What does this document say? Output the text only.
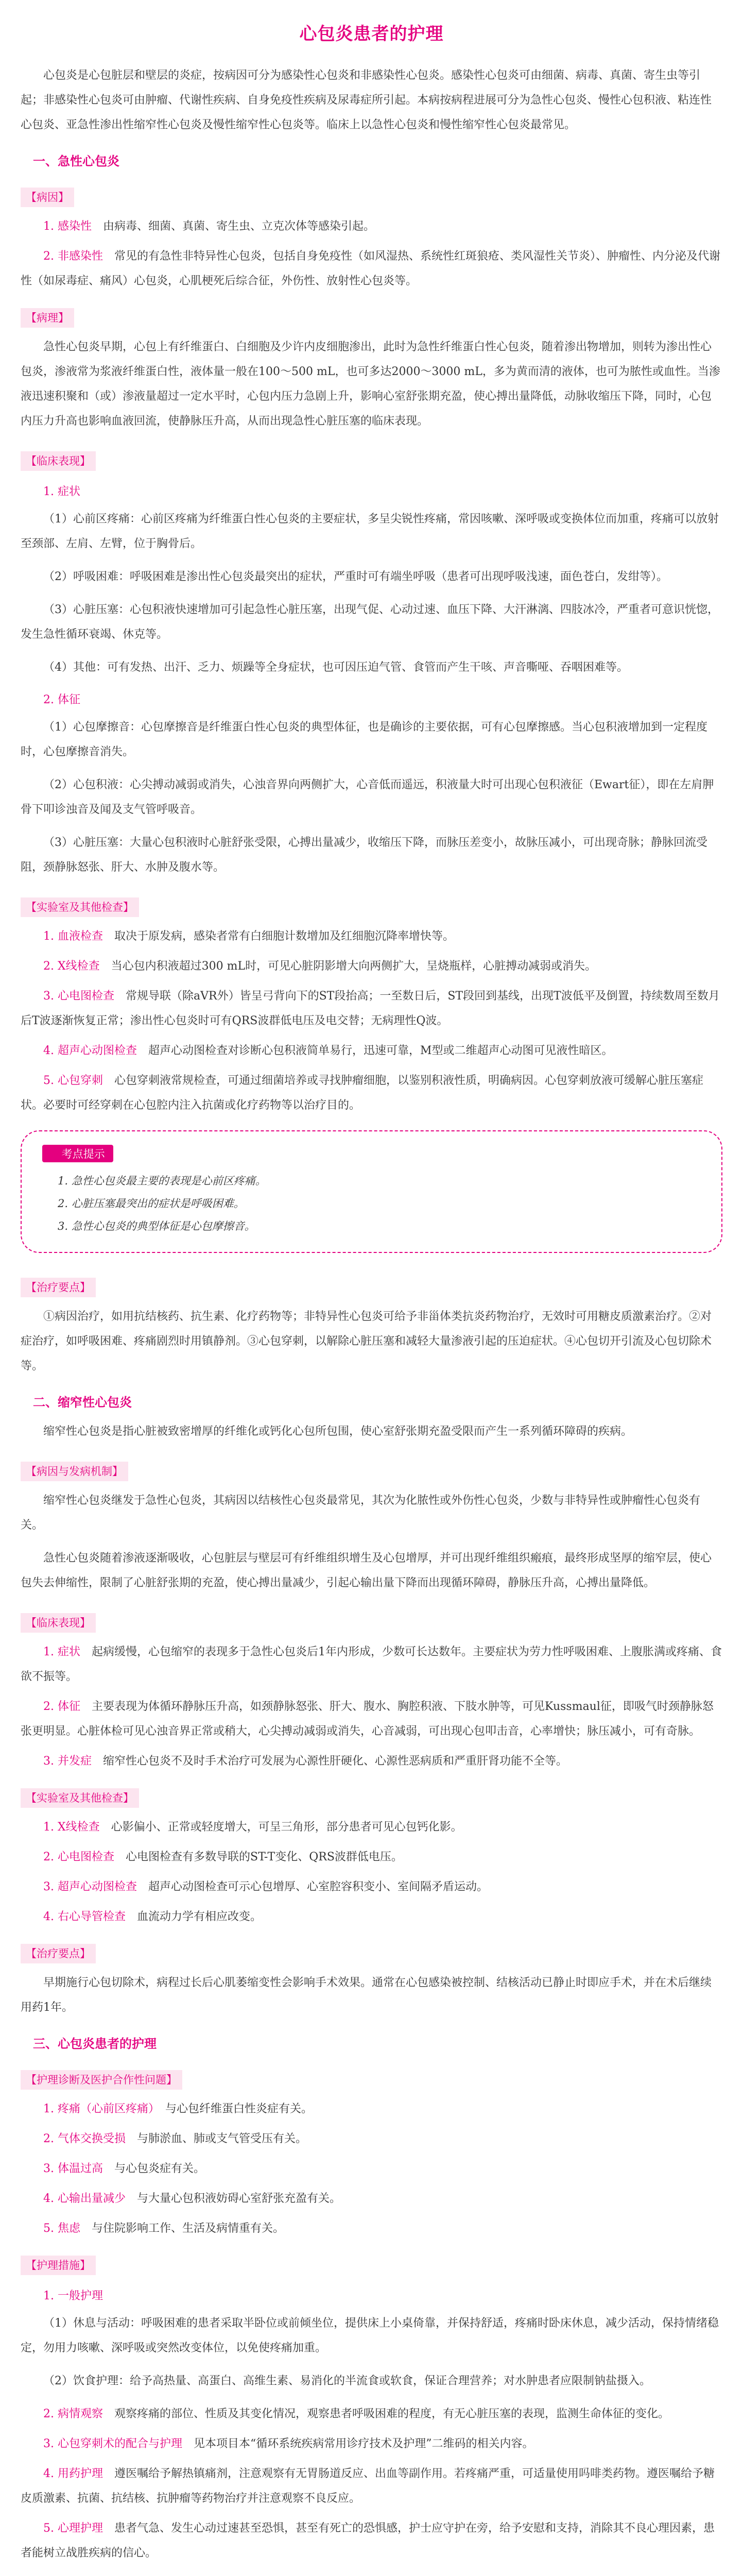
心包炎患者的护理

心包炎是心包脏层和壁层的炎症，按病因可分为感染性心包炎和非感染性心包炎。感染性心包炎可由细菌、病毒、真菌、寄生虫等引起；非感染性心包炎可由肿瘤、代谢性疾病、自身免疫性疾病及尿毒症所引起。本病按病程进展可分为急性心包炎、慢性心包积液、粘连性心包炎、亚急性渗出性缩窄性心包炎及慢性缩窄性心包炎等。临床上以急性心包炎和慢性缩窄性心包炎最常见。

一、急性心包炎
【病因】
1. 感染性　 由病毒、细菌、真菌、寄生虫、立克次体等感染引起。
2. 非感染性　 常见的有急性非特异性心包炎，包括自身免疫性（如风湿热、系统性红斑狼疮、类风湿性关节炎）、肿瘤性、内分泌及代谢性（如尿毒症、痛风）心包炎，心肌梗死后综合征，外伤性、放射性心包炎等。
【病理】

急性心包炎早期，心包上有纤维蛋白、白细胞及少许内皮细胞渗出，此时为急性纤维蛋白性心包炎，随着渗出物增加，则转为渗出性心包炎，渗液常为浆液纤维蛋白性，液体量一般在100～500 mL，也可多达2000～3000 mL，多为黄而清的液体，也可为脓性或血性。当渗液迅速积聚和（或）渗液量超过一定水平时，心包内压力急剧上升，影响心室舒张期充盈，使心搏出量降低，动脉收缩压下降，同时，心包内压力升高也影响血液回流，使静脉压升高，从而出现急性心脏压塞的临床表现。

【临床表现】
1. 症状

（1）心前区疼痛：心前区疼痛为纤维蛋白性心包炎的主要症状，多呈尖锐性疼痛，常因咳嗽、深呼吸或变换体位而加重，疼痛可以放射至颈部、左肩、左臂，位于胸骨后。

（2）呼吸困难：呼吸困难是渗出性心包炎最突出的症状，严重时可有端坐呼吸（患者可出现呼吸浅速，面色苍白，发绀等）。

（3）心脏压塞：心包积液快速增加可引起急性心脏压塞，出现气促、心动过速、血压下降、大汗淋漓、四肢冰冷，严重者可意识恍惚，发生急性循环衰竭、休克等。

（4）其他：可有发热、出汗、乏力、烦躁等全身症状，也可因压迫气管、食管而产生干咳、声音嘶哑、吞咽困难等。

2. 体征

（1）心包摩擦音：心包摩擦音是纤维蛋白性心包炎的典型体征，也是确诊的主要依据，可有心包摩擦感。当心包积液增加到一定程度时，心包摩擦音消失。

（2）心包积液：心尖搏动减弱或消失，心浊音界向两侧扩大，心音低而遥远，积液量大时可出现心包积液征（Ewart征），即在左肩胛骨下叩诊浊音及闻及支气管呼吸音。

（3）心脏压塞：大量心包积液时心脏舒张受限，心搏出量减少，收缩压下降，而脉压差变小，故脉压减小，可出现奇脉；静脉回流受阻，颈静脉怒张、肝大、水肿及腹水等。

【实验室及其他检查】
1. 血液检查　 取决于原发病，感染者常有白细胞计数增加及红细胞沉降率增快等。
2. X线检查　 当心包内积液超过300 mL时，可见心脏阴影增大向两侧扩大，呈烧瓶样，心脏搏动减弱或消失。
3. 心电图检查　 常规导联（除aVR外）皆呈弓背向下的ST段抬高；一至数日后，ST段回到基线，出现T波低平及倒置，持续数周至数月后T波逐渐恢复正常；渗出性心包炎时可有QRS波群低电压及电交替；无病理性Q波。
4. 超声心动图检查　 超声心动图检查对诊断心包积液简单易行，迅速可靠，M型或二维超声心动图可见液性暗区。
5. 心包穿刺　 心包穿刺液常规检查，可通过细菌培养或寻找肿瘤细胞，以鉴别积液性质，明确病因。心包穿刺放液可缓解心脏压塞症状。必要时可经穿刺在心包腔内注入抗菌或化疗药物等以治疗目的。
✎ 考点提示
1. 急性心包炎最主要的表现是心前区疼痛。
2. 心脏压塞最突出的症状是呼吸困难。
3. 急性心包炎的典型体征是心包摩擦音。
【治疗要点】

①病因治疗，如用抗结核药、抗生素、化疗药物等；非特异性心包炎可给予非甾体类抗炎药物治疗，无效时可用糖皮质激素治疗。②对症治疗，如呼吸困难、疼痛剧烈时用镇静剂。③心包穿刺，以解除心脏压塞和减轻大量渗液引起的压迫症状。④心包切开引流及心包切除术等。

二、缩窄性心包炎

缩窄性心包炎是指心脏被致密增厚的纤维化或钙化心包所包围，使心室舒张期充盈受限而产生一系列循环障碍的疾病。

【病因与发病机制】

缩窄性心包炎继发于急性心包炎，其病因以结核性心包炎最常见，其次为化脓性或外伤性心包炎，少数与非特异性或肿瘤性心包炎有关。

急性心包炎随着渗液逐渐吸收，心包脏层与壁层可有纤维组织增生及心包增厚，并可出现纤维组织瘢痕，最终形成坚厚的缩窄层，使心包失去伸缩性，限制了心脏舒张期的充盈，使心搏出量减少，引起心输出量下降而出现循环障碍，静脉压升高，心搏出量降低。

【临床表现】
1. 症状　 起病缓慢，心包缩窄的表现多于急性心包炎后1年内形成，少数可长达数年。主要症状为劳力性呼吸困难、上腹胀满或疼痛、食欲不振等。
2. 体征　 主要表现为体循环静脉压升高，如颈静脉怒张、肝大、腹水、胸腔积液、下肢水肿等，可见Kussmaul征，即吸气时颈静脉怒张更明显。心脏体检可见心浊音界正常或稍大，心尖搏动减弱或消失，心音减弱，可出现心包叩击音，心率增快；脉压减小，可有奇脉。
3. 并发症　 缩窄性心包炎不及时手术治疗可发展为心源性肝硬化、心源性恶病质和严重肝肾功能不全等。
【实验室及其他检查】
1. X线检查　 心影偏小、正常或轻度增大，可呈三角形，部分患者可见心包钙化影。
2. 心电图检查　 心电图检查有多数导联的ST-T变化、QRS波群低电压。
3. 超声心动图检查　 超声心动图检查可示心包增厚、心室腔容积变小、室间隔矛盾运动。
4. 右心导管检查　 血流动力学有相应改变。
【治疗要点】

早期施行心包切除术，病程过长后心肌萎缩变性会影响手术效果。通常在心包感染被控制、结核活动已静止时即应手术，并在术后继续用药1年。

三、心包炎患者的护理
【护理诊断及医护合作性问题】
1. 疼痛（心前区疼痛）　 与心包纤维蛋白性炎症有关。
2. 气体交换受损　 与肺淤血、肺或支气管受压有关。
3. 体温过高　 与心包炎症有关。
4. 心输出量减少　 与大量心包积液妨碍心室舒张充盈有关。
5. 焦虑　 与住院影响工作、生活及病情重有关。
【护理措施】
1. 一般护理

（1）休息与活动：呼吸困难的患者采取半卧位或前倾坐位，提供床上小桌倚靠，并保持舒适，疼痛时卧床休息，减少活动，保持情绪稳定，勿用力咳嗽、深呼吸或突然改变体位，以免使疼痛加重。

（2）饮食护理：给予高热量、高蛋白、高维生素、易消化的半流食或软食，保证合理营养；对水肿患者应限制钠盐摄入。

2. 病情观察　 观察疼痛的部位、性质及其变化情况，观察患者呼吸困难的程度，有无心脏压塞的表现，监测生命体征的变化。
3. 心包穿刺术的配合与护理　 见本项目本“循环系统疾病常用诊疗技术及护理”二维码的相关内容。
4. 用药护理　 遵医嘱给予解热镇痛剂，注意观察有无胃肠道反应、出血等副作用。若疼痛严重，可适量使用吗啡类药物。遵医嘱给予糖皮质激素、抗菌、抗结核、抗肿瘤等药物治疗并注意观察不良反应。
5. 心理护理　 患者气急、发生心动过速甚至恐惧，甚至有死亡的恐惧感，护士应守护在旁，给予安慰和支持，消除其不良心理因素，患者能树立战胜疾病的信心。
